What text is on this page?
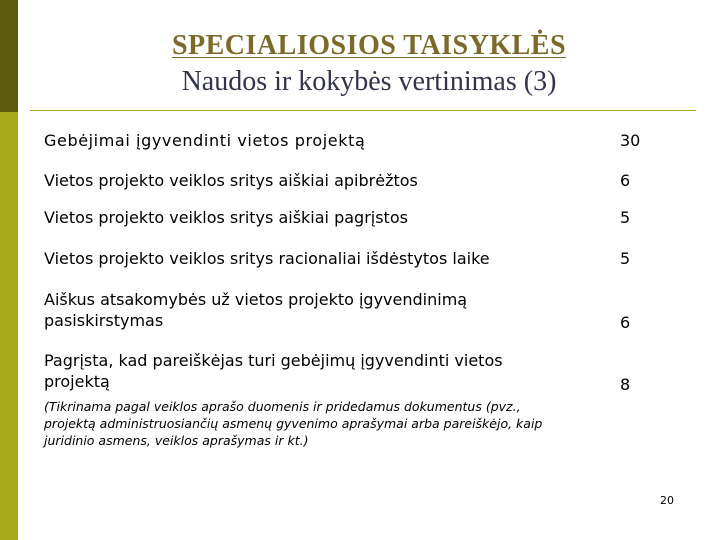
SPECIALIOSIOS TAISYKLĖS
Naudos ir kokybės vertinimas (3)
Gebėjimai įgyvendinti vietos projektą	30
Vietos projekto veiklos sritys aiškiai apibrėžtos	6
Vietos projekto veiklos sritys aiškiai pagrįstos	5
Vietos projekto veiklos sritys racionaliai išdėstytos laike	5
Aiškus atsakomybės už vietos projekto įgyvendinimą pasiskirstymas	6
Pagrįsta, kad pareiškėjas turi gebėjimų įgyvendinti vietos projektą	8
(Tikrinama pagal veiklos aprašo duomenis ir pridedamus dokumentus (pvz., projektą administruosiančių asmenų gyvenimo aprašymai arba pareiškėjo, kaip juridinio asmens, veiklos aprašymas ir kt.)
20
